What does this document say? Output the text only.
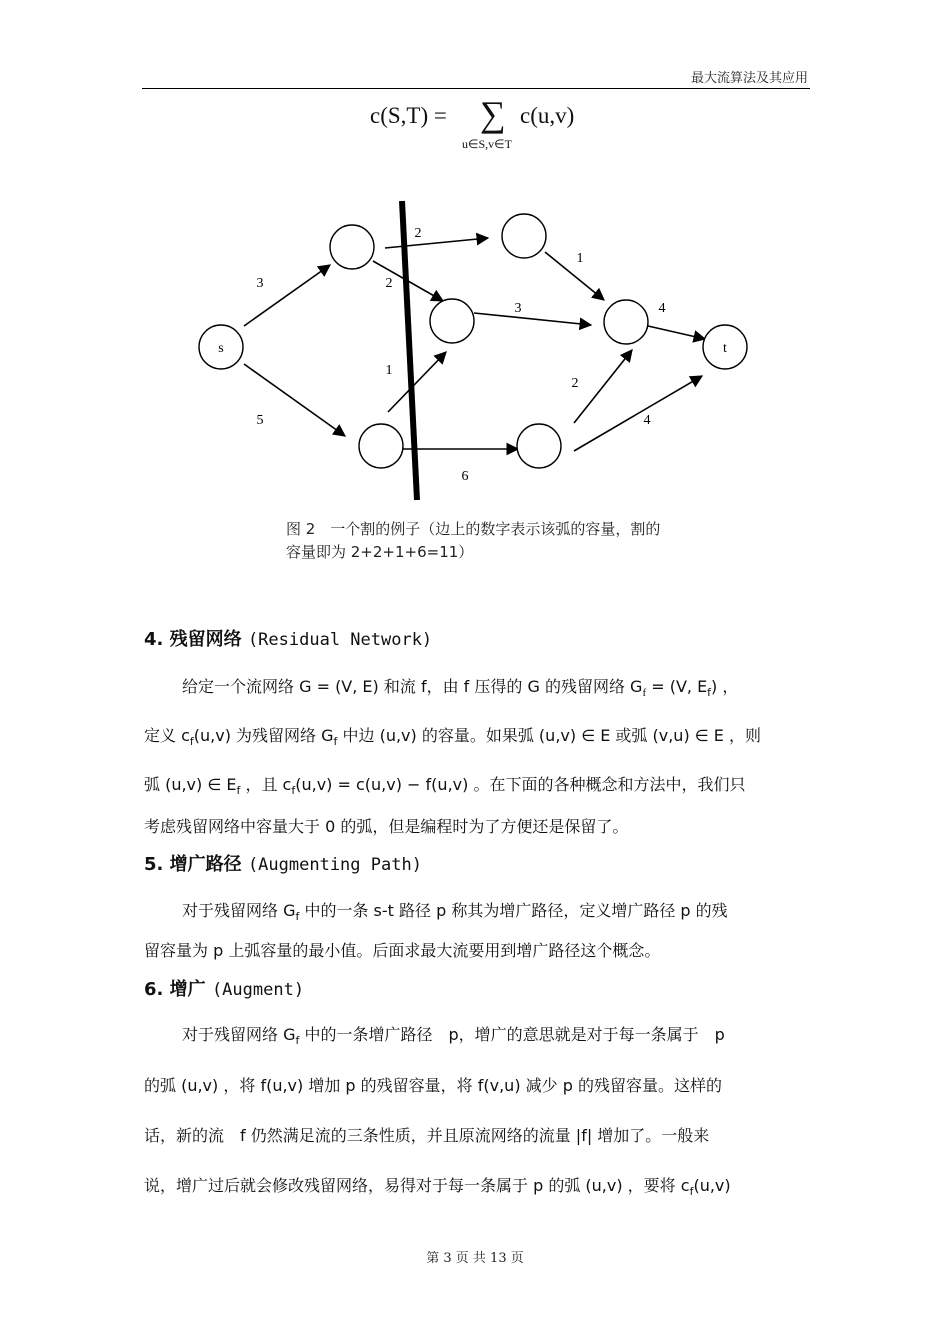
最大流算法及其应用
c(S,T) = ∑
u∈S,v∈T
c(u,v)
s	t
3
5
2
2
1
1
3
2
4
4
6
图 2　一个割的例子（边上的数字表示该弧的容量，割的
容量即为 2+2+1+6=11）
4. 残留网络 (Residual Network)
给定一个流网络 G = (V, E) 和流 f，由 f 压得的 G 的残留网络 $G_f = (V$, $E_f$) ，
定义 $c_f(u,v)$ 为残留网络 $G_f$ 中边 (u,v) 的容量。如果弧 (u,v) ∈ E 或弧 (v,u) ∈ E ，则
弧 (u,v) ∈ $E_f$ ，且 $c_f(u,v) = c(u,v) - f(u,v)$ 。在下面的各种概念和方法中，我们只
考虑残留网络中容量大于 0 的弧，但是编程时为了方便还是保留了。
5. 增广路径 (Augmenting Path)
对于残留网络 $G_f$ 中的一条 s-t 路径 p 称其为增广路径，定义增广路径 p 的残
留容量为 p 上弧容量的最小值。后面求最大流要用到增广路径这个概念。
6. 增广 (Augment)
对于残留网络 $G_f$ 中的一条增广路径　p，增广的意思就是对于每一条属于　p
的弧 (u,v) ，将 f(u,v) 增加 p 的残留容量，将 f(v,u) 减少 p 的残留容量。这样的
话，新的流　f 仍然满足流的三条性质，并且原流网络的流量 |f| 增加了。一般来
说，增广过后就会修改残留网络，易得对于每一条属于 p 的弧 (u,v) ，要将 $c_f(u,v)$
第 3 页 共 13 页
